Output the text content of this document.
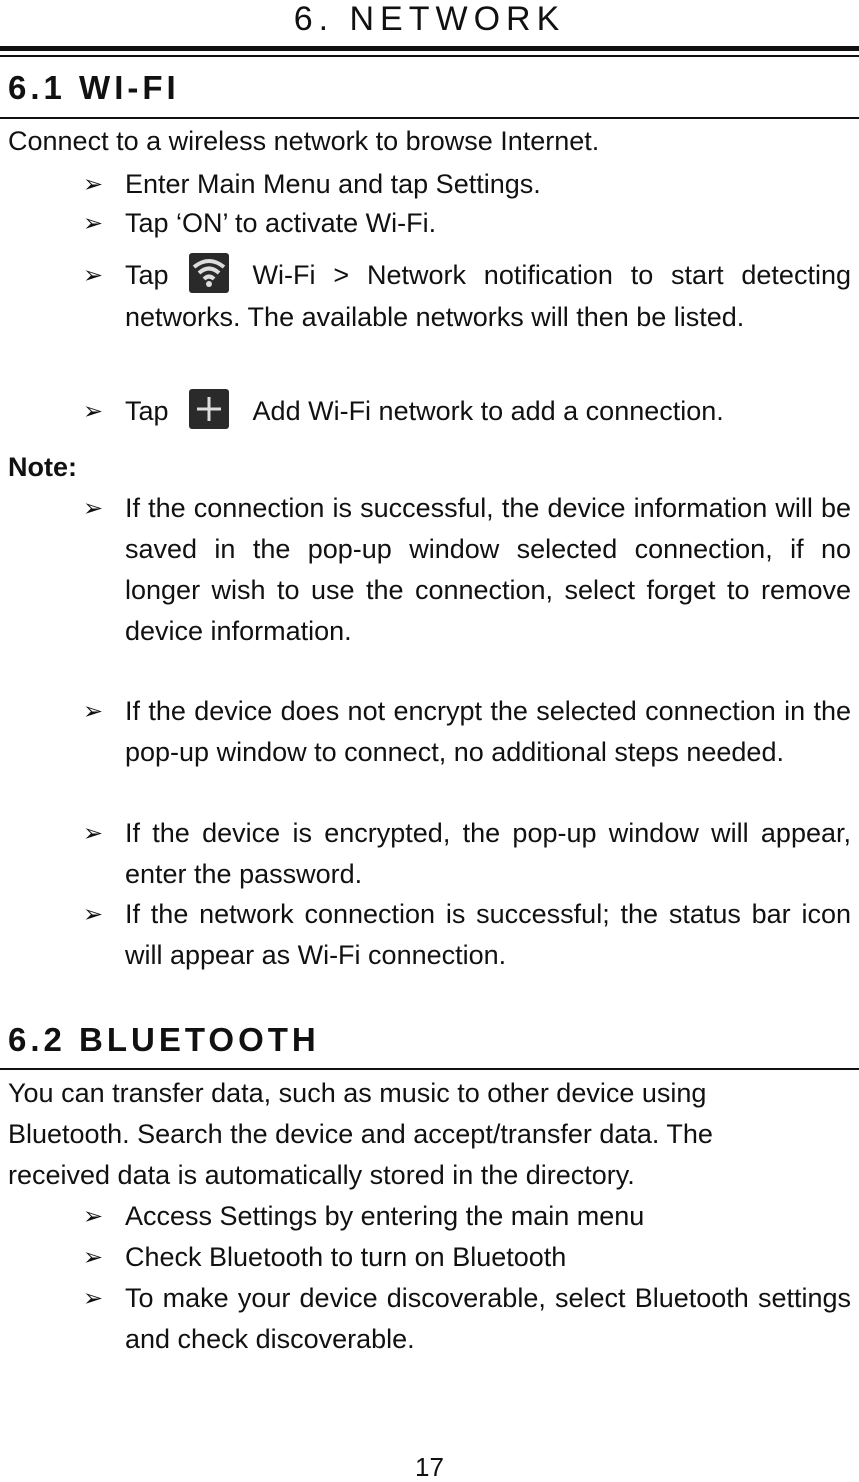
6. NETWORK
6.1 WI-FI
Connect to a wireless network to browse Internet.
➢ Enter Main Menu and tap Settings.
➢ Tap ‘ON’ to activate Wi-Fi.
➢ Tap	Wi-Fi > Network notification to start detecting networks. The available networks will then be listed.
➢ Tap	Add Wi-Fi network to add a connection.
Note:
➢ If the connection is successful, the device information will be saved in the pop-up window selected connection, if no longer wish to use the connection, select forget to remove device information.
➢ If the device does not encrypt the selected connection in the pop-up window to connect, no additional steps needed.
➢ If the device is encrypted, the pop-up window will appear, enter the password.
➢ If the network connection is successful; the status bar icon will appear as Wi-Fi connection.
6.2 BLUETOOTH
You can transfer data, such as music to other device using
Bluetooth. Search the device and accept/transfer data. The
received data is automatically stored in the directory.
➢ Access Settings by entering the main menu
➢ Check Bluetooth to turn on Bluetooth
➢ To make your device discoverable, select Bluetooth settings and check discoverable.
17
